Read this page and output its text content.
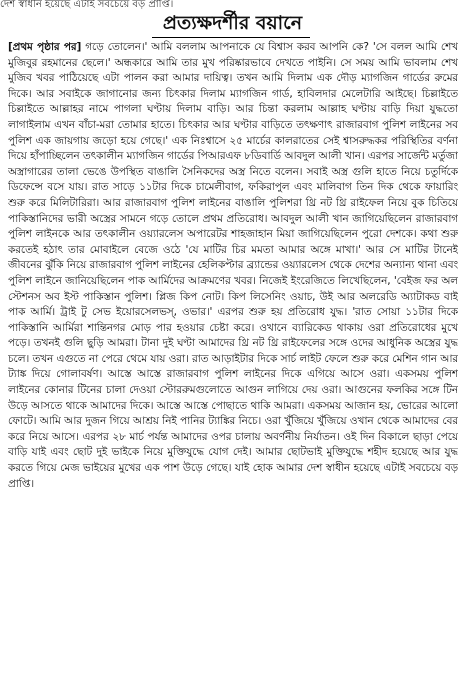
দেশ স্বাধীন হয়েছে এটাই সবচেয়ে বড় প্রাপ্তি।
প্রত্যক্ষদর্শীর বয়ানে
[প্রথম পৃষ্ঠার পর] গড়ে তোলেন।' আমি বললাম আপনাকে যে বিশ্বাস করব আপনি কে? 'সে বলল আমি শেখ মুজিবুর রহমানের ছেলে।' অন্ধকারে আমি তার মুখ পরিষ্কারভাবে দেখতে পাইনি। সে সময় আমি ভাবলাম শেখ মুজিব খবর পাঠিয়েছে এটা পালন করা আমার দায়িত্ব। তখন আমি দিলাম এক দৌড় ম্যাগজিন গার্ডের রুমের দিকে। আর সবাইকে জাগানোর জন্য চিৎকার দিলাম ম্যাগজিন গার্ড, হাবিলদার মেলেটারি আইছে। চিল্লাইতে চিল্লাইতে আল্লাহর নামে পাগলা ঘণ্টায় দিলাম বাড়ি। আর চিন্তা করলাম আল্লাহ ঘণ্টায় বাড়ি দিয়া যুদ্ধতো লাগাইলাম এখন বাঁচা-মরা তোমার হাতে। চিৎকার আর ঘণ্টার বাড়িতে তৎক্ষণাৎ রাজারবাগ পুলিশ লাইনের সব পুলিশ এক জায়গায় জড়ো হয়ে গেছে।' এক নিঃশ্বাসে ২৫ মার্চের কালরাতের সেই শ্বাসরুদ্ধকর পরিস্থিতির বর্ণনা দিয়ে হাঁপাচ্ছিলেন তৎকালীন ম্যাগজিন গার্ডের পিআরএফ ৮ডিবার্ডি আবদুল আলী খান। এরপর সার্জেন্ট মর্তুজা অস্ত্রাগারের তালা ভেঙে উপস্থিত বাঙালি সৈনিকদের অস্ত্র নিতে বলেন। সবাই অস্ত্র গুলি হাতে নিয়ে চতুর্দিকে ডিফেন্সে বসে যায়। রাত সাড়ে ১১টার দিকে চামেলীবাগ, ফকিরাপুল এবং মালিবাগ তিন দিক থেকে ফায়ারিং শুরু করে মিলিটারিরা। আর রাজারবাগ পুলিশ লাইনের বাঙালি পুলিশরা থ্রি নট থ্রি রাইফেল নিয়ে বুক চিতিয়ে পাকিস্তানিদের ভারী অস্ত্রের সামনে গড়ে তোলে প্রথম প্রতিরোধ। আবদুল আলী খান জাগিয়েছিলেন রাজারবাগ পুলিশ লাইনকে আর তৎকালীন ওয়্যারলেস অপারেটর শাহজাহান মিয়া জাগিয়েছিলেন পুরো দেশকে। কথা শুরু করতেই হঠাৎ তার মোবাইলে বেজে ওঠে 'যে মাটির চির মমতা আমার অঙ্গে মাখা।' আর সে মাটির টানেই জীবনের ঝুঁকি নিয়ে রাজারবাগ পুলিশ লাইনের হেলিকপ্টার ব্র্যান্ডের ওয়্যারলেস থেকে দেশের অন্যান্য থানা এবং পুলিশ লাইনে জানিয়েছিলেন পাক আর্মিদের আক্রমণের খবর। নিজেই ইংরেজিতে লিখেছিলেন, 'বেইজ ফর অল স্টেশনস অব ইস্ট পাকিস্তান পুলিশ। প্লিজ কিপ নোট। কিপ লিসেনিং ওয়াচ, উই আর অলরেডি অ্যাটাকড বাই পাক আর্মি। ট্রাই টু সেভ ইয়োরসেলভস্, ওভার।' এরপর শুরু হয় প্রতিরোধ যুদ্ধ। 'রাত সোয়া ১১টার দিকে পাকিস্তানি আর্মিরা শান্তিনগর মোড় পার হওয়ার চেষ্টা করে। ওখানে ব্যারিকেড থাকায় ওরা প্রতিরোধের মুখে পড়ে। তখনই গুলি ছুড়ি আমরা। টানা দুই ঘণ্টা আমাদের থ্রি নট থ্রি রাইফেলের সঙ্গে ওদের আধুনিক অস্ত্রের যুদ্ধ চলে। তখন এগুতে না পেরে থেমে যায় ওরা। রাত আড়াইটার দিকে সার্চ লাইট ফেলে শুরু করে মেশিন গান আর ট্যাঙ্ক দিয়ে গোলাবর্ষণ। আস্তে আস্তে রাজারবাগ পুলিশ লাইনের দিকে এগিয়ে আসে ওরা। একসময় পুলিশ লাইনের কোনার টিনের চালা দেওয়া স্টোররুমগুলোতে আগুন লাগিয়ে দেয় ওরা। আগুনের ফলকির সঙ্গে টিন উড়ে আসতে থাকে আমাদের দিকে। আস্তে আস্তে পোছাতে থাকি আমরা। একসময় আজান হয়, ভোরের আলো ফোটে। আমি আর দুজন গিয়ে আশ্রয় নিই পানির ট্যাঙ্কির নিচে। ওরা খুঁজিয়ে খুঁজিয়ে ওখান থেকে আমাদের বের করে নিয়ে আসে। এরপর ২৮ মার্চ পর্যন্ত আমাদের ওপর চালায় অবর্ণনীয় নির্যাতন। ওই দিন বিকালে ছাড়া পেয়ে বাড়ি যাই এবং ছোট দুই ভাইকে নিয়ে মুক্তিযুদ্ধে যোগ দেই। আমার ছোটভাই মুক্তিযুদ্ধে শহীদ হয়েছে আর যুদ্ধ করতে গিয়ে মেজ ভাইয়ের মুখের এক পাশ উড়ে গেছে। যাই হোক আমার দেশ স্বাধীন হয়েছে এটাই সবচেয়ে বড় প্রাপ্তি।
